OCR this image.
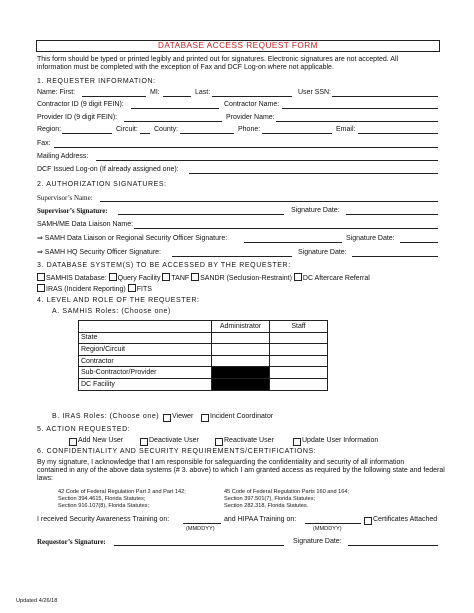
DATABASE ACCESS REQUEST FORM
This form should be typed or printed legibly and printed out for signatures. Electronic signatures are not accepted. All
information must be completed with the exception of Fax and DCF Log-on where not applicable.
1. REQUESTER INFORMATION:
Name: First:	MI:	Last:	User SSN:
Contractor ID (9 digit FEIN):	Contractor Name:
Provider ID (9 digit FEIN):	Provider Name:
Region:	Circuit: County:	Phone:	Email:
Fax:
Mailing Address:
DCF Issued Log-on (If already assigned one):
2. AUTHORIZATION SIGNATURES:
Supervisor’s Name:
Supervisor’s Signature:	Signature Date:
SAMH/ME Data Liaison Name:
⇒ SAMH Data Liaison or Regional Security Officer Signature:	Signature Date:
⇒ SAMH HQ Security Officer Signature:	Signature Date:
3. DATABASE SYSTEM(S) TO BE ACCESSED BY THE REQUESTER:
SAMHIS Database: Query Facility TANF SANDR (Seclusion-Restraint) DC Aftercare Referral
IRAS (Incident Reporting) FITS
4. LEVEL AND ROLE OF THE REQUESTER:
A. SAMHIS Roles: (Choose one)
	Administrator	Staff
State		
Region/Circuit		
Contractor		
Sub-Contractor/Provider		
DC Facility		
B. IRAS Roles: (Choose one) Viewer Incident Coordinator
5. ACTION REQUESTED:
Add New User	Deactivate User	Reactivate User	Update User Information
6. CONFIDENTIALITY AND SECURITY REQUIREMENTS/CERTIFICATIONS:
By my signature, I acknowledge that I am responsible for safeguarding the confidentiality and security of all information
contained in any of the above data systems (# 3. above) to which I am granted access as required by the following state and federal
laws:
42 Code of Federal Regulation Part 2 and Part 142;
Section 394.4615, Florida Statutes;
Section 916.107(8), Florida Statutes;
45 Code of Federal Regulation Parts 160 and 164;
Section 397.501(7), Florida Statutes;
Section 282.318, Florida Statutes.
I received Security Awareness Training on:	and HIPAA Training on:	Certificates Attached
(MMDDYY)	(MMDDYY)
Requestor’s Signature:	Signature Date:
Updated 4/26/18
